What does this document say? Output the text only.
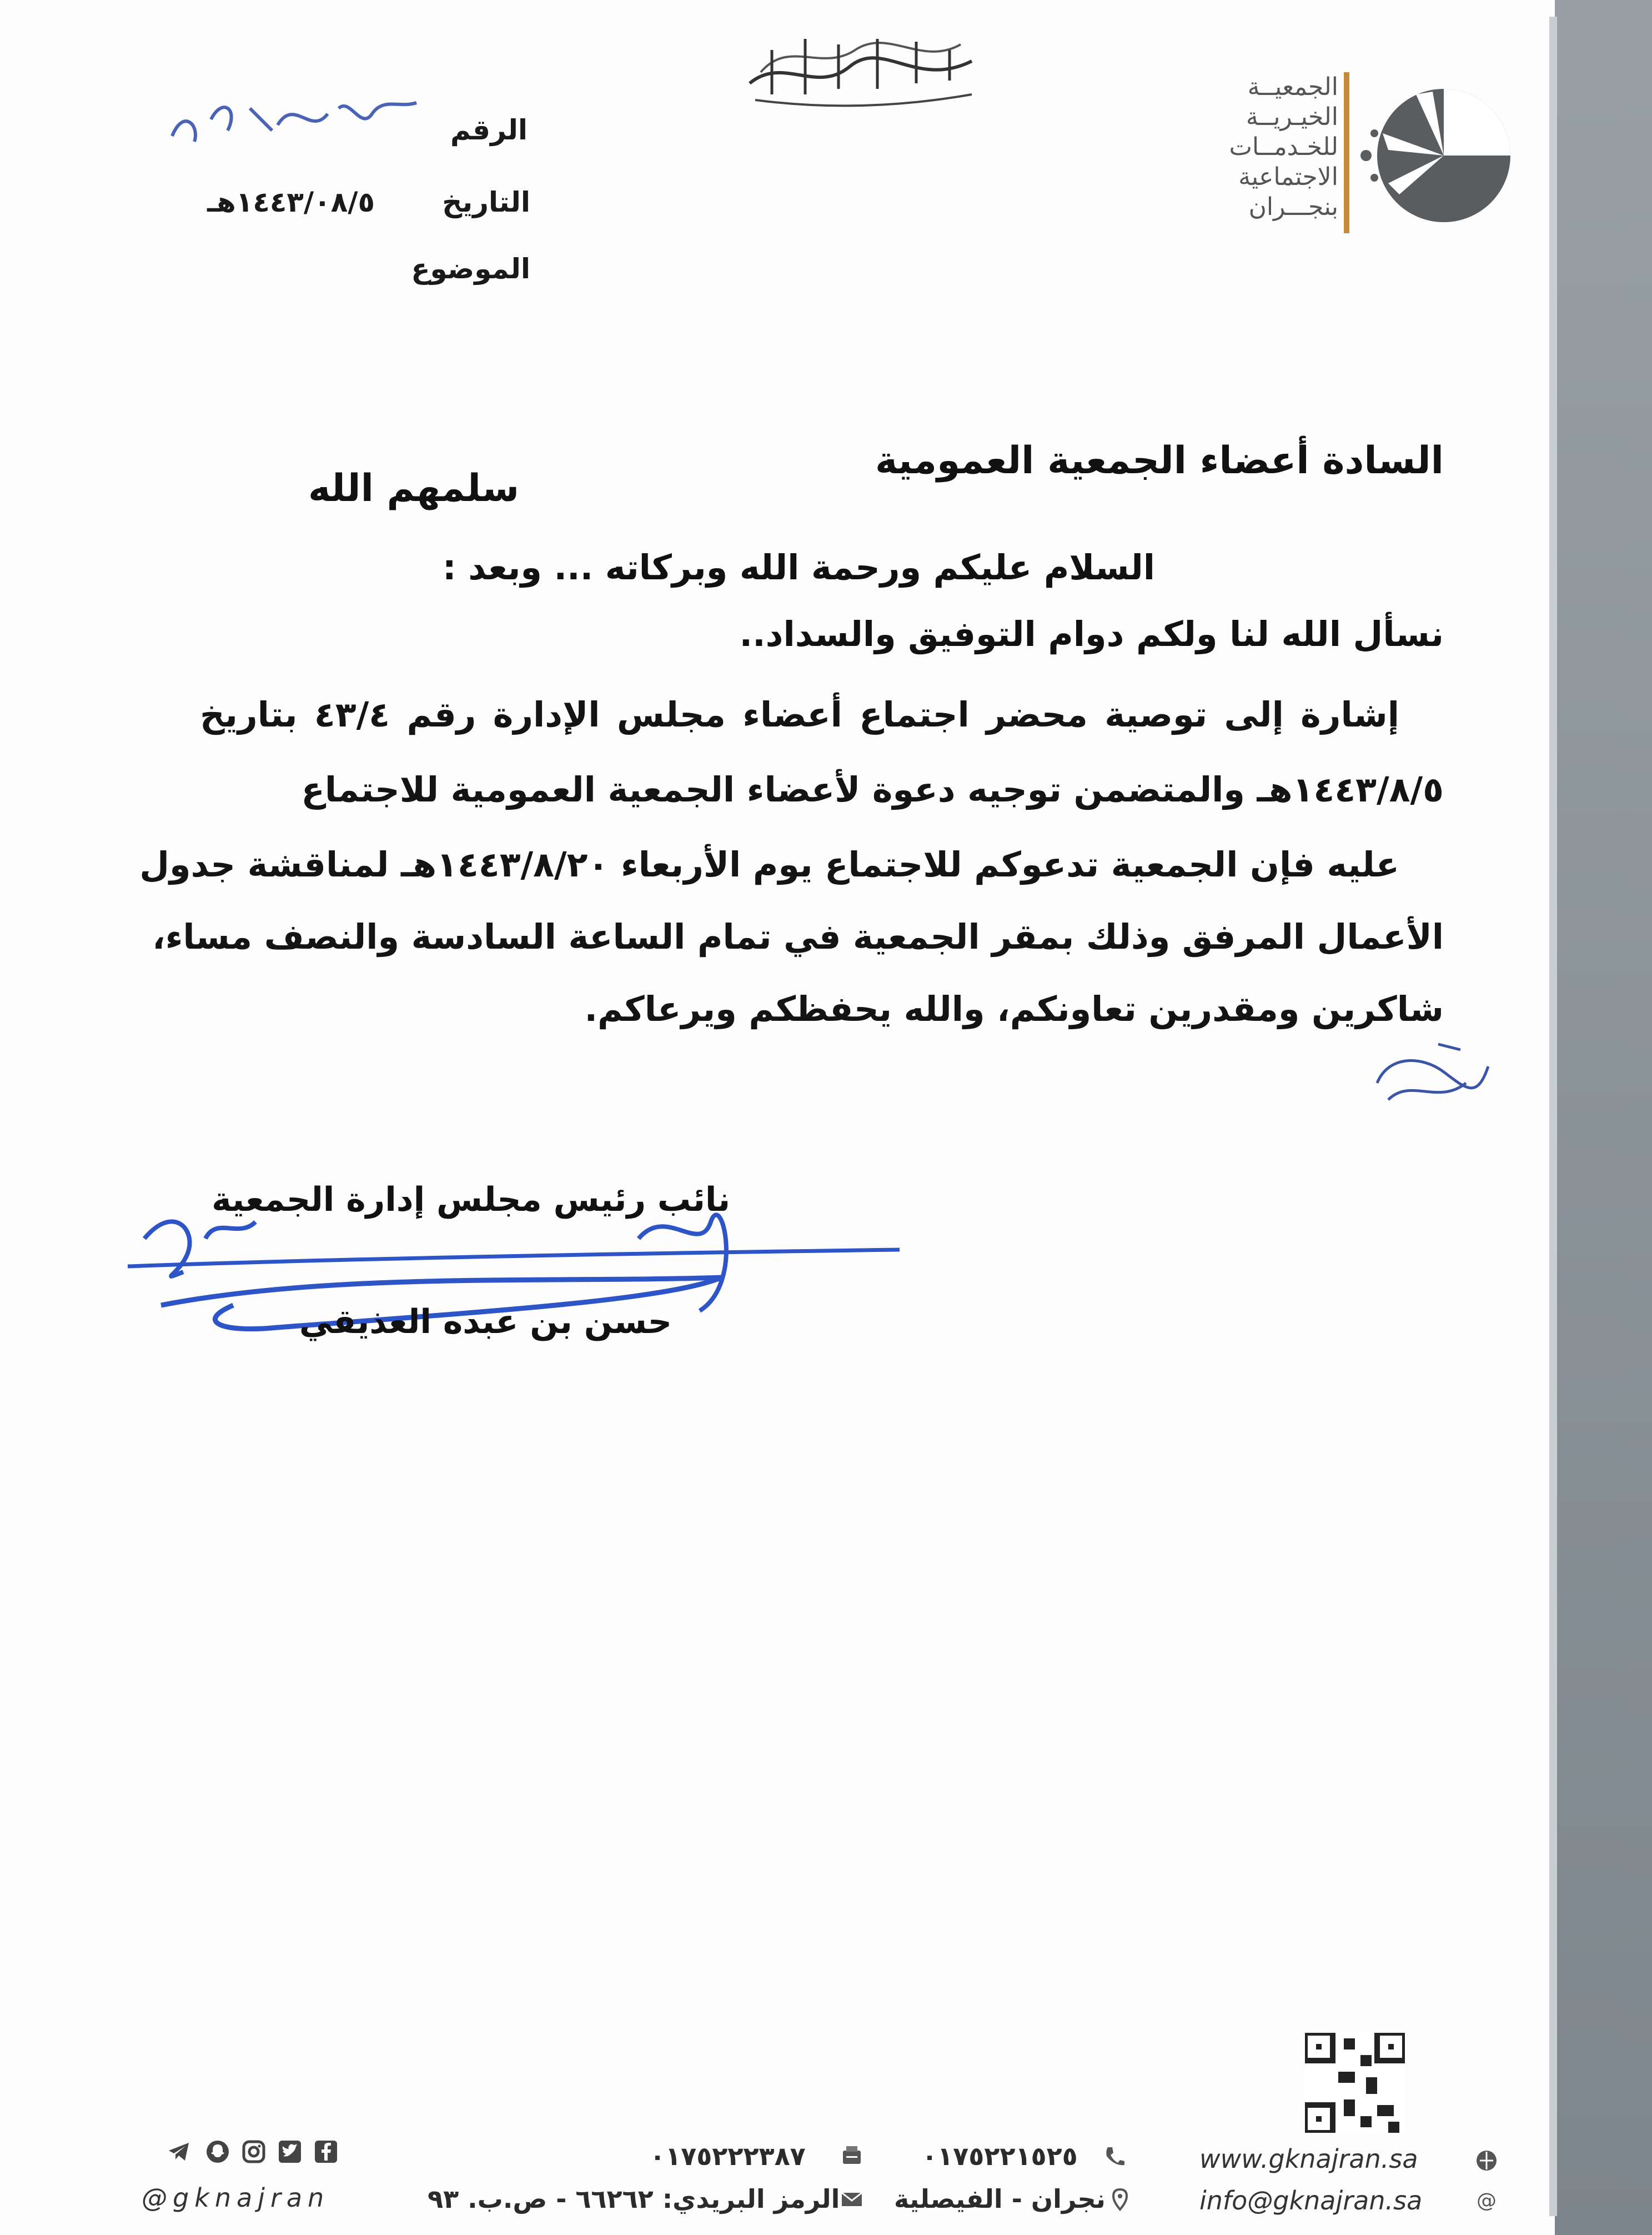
الجمعيــة
الخيـريــة
للخـدمــات
الاجتماعية
بنجـــران
الرقم
التاريخ
١٤٤٣/٠٨/٥هـ
الموضوع
السادة أعضاء الجمعية العمومية
سلمهم الله
السلام عليكم ورحمة الله وبركاته ... وبعد :
نسأل الله لنا ولكم دوام التوفيق والسداد..
إشارة إلى توصية محضر اجتماع أعضاء مجلس الإدارة رقم ٤٣/٤ بتاريخ
١٤٤٣/٨/٥هـ والمتضمن توجيه دعوة لأعضاء الجمعية العمومية للاجتماع
عليه فإن الجمعية تدعوكم للاجتماع يوم الأربعاء ١٤٤٣/٨/٢٠هـ لمناقشة جدول
الأعمال المرفق وذلك بمقر الجمعية في تمام الساعة السادسة والنصف مساء،
شاكرين ومقدرين تعاونكم، والله يحفظكم ويرعاكم.
نائب رئيس مجلس إدارة الجمعية
حسن بن عبده العذيقي
www.gknajran.sa
٠١٧٥٢٢١٥٢٥
٠١٧٥٢٢٢٣٨٧
@
info@gknajran.sa
نجران - الفيصلية
الرمز البريدي: ٦٦٢٦٢ - ص.ب. ٩٣
@gknajran
